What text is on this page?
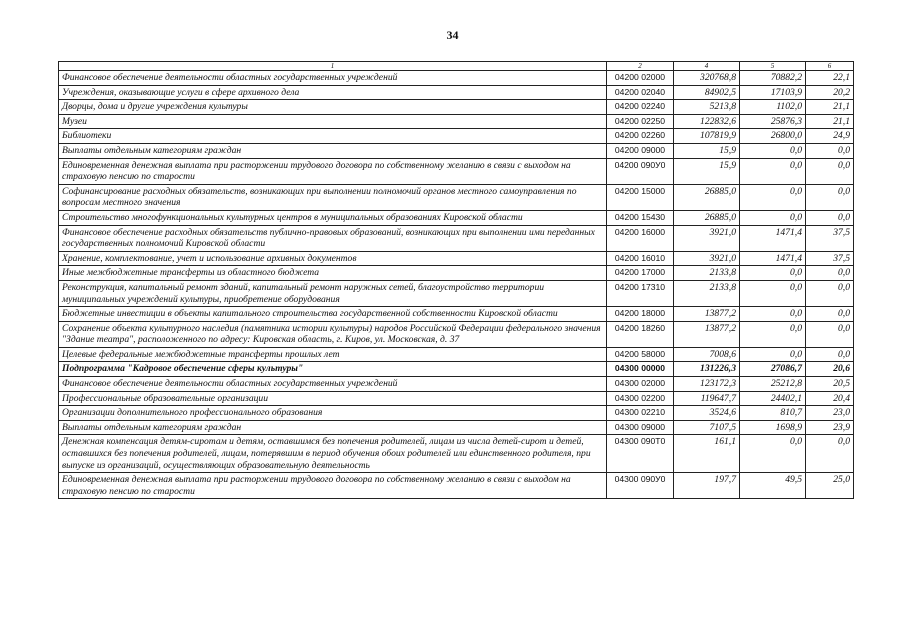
34
1	2	4	5	6
Финансовое обеспечение деятельности областных государственных учреждений	04200 02000	320768,8	70882,2	22,1
Учреждения, оказывающие услуги в сфере архивного дела	04200 02040	84902,5	17103,9	20,2
Дворцы, дома и другие учреждения культуры	04200 02240	5213,8	1102,0	21,1
Музеи	04200 02250	122832,6	25876,3	21,1
Библиотеки	04200 02260	107819,9	26800,0	24,9
Выплаты отдельным категориям граждан	04200 09000	15,9	0,0	0,0
Единовременная денежная выплата при расторжении трудового договора по собственному желанию в связи с выходом на страховую пенсию по старости	04200 090У0	15,9	0,0	0,0
Софинансирование расходных обязательств, возникающих при выполнении полномочий органов местного самоуправления по вопросам местного значения	04200 15000	26885,0	0,0	0,0
Строительство многофункциональных культурных центров в муниципальных образованиях Кировской области	04200 15430	26885,0	0,0	0,0
Финансовое обеспечение расходных обязательств публично-правовых образований, возникающих при выполнении ими переданных государственных полномочий Кировской области	04200 16000	3921,0	1471,4	37,5
Хранение, комплектование, учет и использование архивных документов	04200 16010	3921,0	1471,4	37,5
Иные межбюджетные трансферты из областного бюджета	04200 17000	2133,8	0,0	0,0
Реконструкция, капитальный ремонт зданий, капитальный ремонт наружных сетей, благоустройство территории муниципальных учреждений культуры, приобретение оборудования	04200 17310	2133,8	0,0	0,0
Бюджетные инвестиции в объекты капитального строительства государственной собственности Кировской области	04200 18000	13877,2	0,0	0,0
Сохранение объекта культурного наследия (памятника истории культуры) народов Российской Федерации федерального значения "Здание театра", расположенного по адресу: Кировская область, г. Киров, ул. Московская, д. 37	04200 18260	13877,2	0,0	0,0
Целевые федеральные межбюджетные трансферты прошлых лет	04200 58000	7008,6	0,0	0,0
Подпрограмма "Кадровое обеспечение сферы культуры"	04300 00000	131226,3	27086,7	20,6
Финансовое обеспечение деятельности областных государственных учреждений	04300 02000	123172,3	25212,8	20,5
Профессиональные образовательные организации	04300 02200	119647,7	24402,1	20,4
Организации дополнительного профессионального образования	04300 02210	3524,6	810,7	23,0
Выплаты отдельным категориям граждан	04300 09000	7107,5	1698,9	23,9
Денежная компенсация детям-сиротам и детям, оставшимся без попечения родителей, лицам из числа детей-сирот и детей, оставшихся без попечения родителей, лицам, потерявшим в период обучения обоих родителей или единственного родителя, при выпуске из организаций, осуществляющих образовательную деятельность	04300 090Т0	161,1	0,0	0,0
Единовременная денежная выплата при расторжении трудового договора по собственному желанию в связи с выходом на страховую пенсию по старости	04300 090У0	197,7	49,5	25,0
